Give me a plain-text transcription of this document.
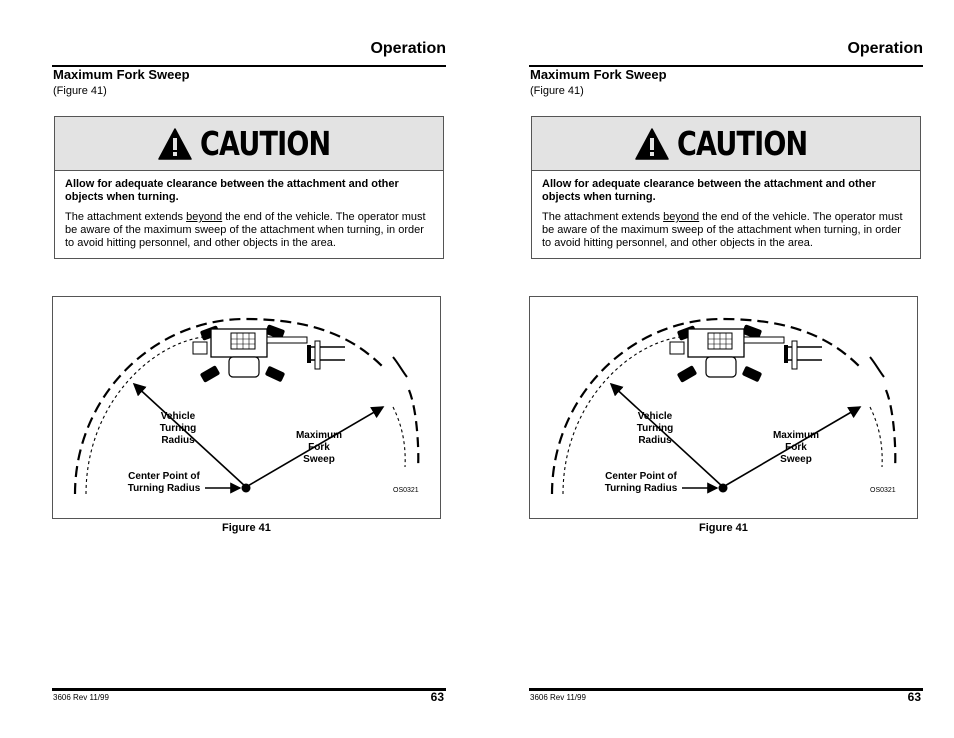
Operation
Maximum Fork Sweep
(Figure 41)
CAUTION
Allow for adequate clearance between the attachment and other objects when turning.
The attachment extends beyond the end of the vehicle. The operator must be aware of the maximum sweep of the attachment when turning, in order to avoid hitting personnel, and other objects in the area.
Vehicle
Turning
Radius	Maximum
Fork
Sweep
Center Point of
Turning Radius	OS0321
Figure 41
3606 Rev 11/99	63
Operation
Maximum Fork Sweep
(Figure 41)
CAUTION
Allow for adequate clearance between the attachment and other objects when turning.
The attachment extends beyond the end of the vehicle. The operator must be aware of the maximum sweep of the attachment when turning, in order to avoid hitting personnel, and other objects in the area.
Vehicle
Turning
Radius	Maximum
Fork
Sweep
Center Point of
Turning Radius	OS0321
Figure 41
3606 Rev 11/99	63
